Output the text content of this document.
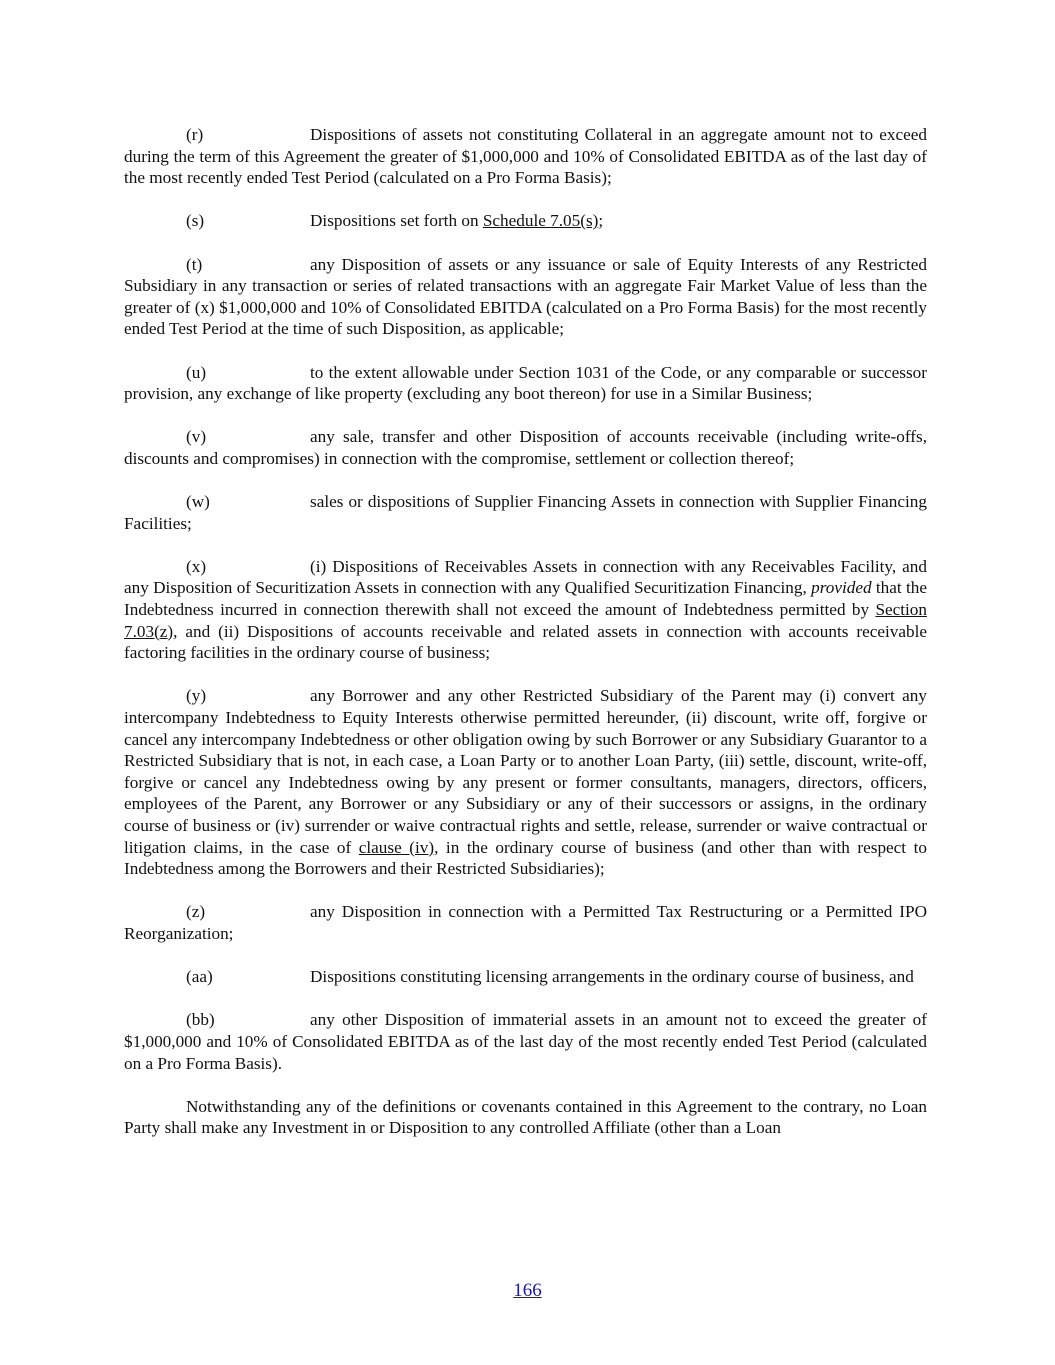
(r)	Dispositions of assets not constituting Collateral in an aggregate amount not to exceed during the term of this Agreement the greater of $1,000,000 and 10% of Consolidated EBITDA as of the last day of the most recently ended Test Period (calculated on a Pro Forma Basis);

(s)	Dispositions set forth on Schedule 7.05(s);

(t)	any Disposition of assets or any issuance or sale of Equity Interests of any Restricted Subsidiary in any transaction or series of related transactions with an aggregate Fair Market Value of less than the greater of (x) $1,000,000 and 10% of Consolidated EBITDA (calculated on a Pro Forma Basis) for the most recently ended Test Period at the time of such Disposition, as applicable;

(u)	to the extent allowable under Section 1031 of the Code, or any comparable or successor provision, any exchange of like property (excluding any boot thereon) for use in a Similar Business;

(v)	any sale, transfer and other Disposition of accounts receivable (including write-offs, discounts and compromises) in connection with the compromise, settlement or collection thereof;

(w)	sales or dispositions of Supplier Financing Assets in connection with Supplier Financing Facilities;

(x)	(i) Dispositions of Receivables Assets in connection with any Receivables Facility, and any Disposition of Securitization Assets in connection with any Qualified Securitization Financing, provided that the Indebtedness incurred in connection therewith shall not exceed the amount of Indebtedness permitted by Section 7.03(z), and (ii) Dispositions of accounts receivable and related assets in connection with accounts receivable factoring facilities in the ordinary course of business;

(y)	any Borrower and any other Restricted Subsidiary of the Parent may (i) convert any intercompany Indebtedness to Equity Interests otherwise permitted hereunder, (ii) discount, write off, forgive or cancel any intercompany Indebtedness or other obligation owing by such Borrower or any Subsidiary Guarantor to a Restricted Subsidiary that is not, in each case, a Loan Party or to another Loan Party, (iii) settle, discount, write-off, forgive or cancel any Indebtedness owing by any present or former consultants, managers, directors, officers, employees of the Parent, any Borrower or any Subsidiary or any of their successors or assigns, in the ordinary course of business or (iv) surrender or waive contractual rights and settle, release, surrender or waive contractual or litigation claims, in the case of clause (iv), in the ordinary course of business (and other than with respect to Indebtedness among the Borrowers and their Restricted Subsidiaries);

(z)	any Disposition in connection with a Permitted Tax Restructuring or a Permitted IPO Reorganization;

(aa)	Dispositions constituting licensing arrangements in the ordinary course of business, and

(bb)	any other Disposition of immaterial assets in an amount not to exceed the greater of $1,000,000 and 10% of Consolidated EBITDA as of the last day of the most recently ended Test Period (calculated on a Pro Forma Basis).

Notwithstanding any of the definitions or covenants contained in this Agreement to the contrary, no Loan Party shall make any Investment in or Disposition to any controlled Affiliate (other than a Loan

166
